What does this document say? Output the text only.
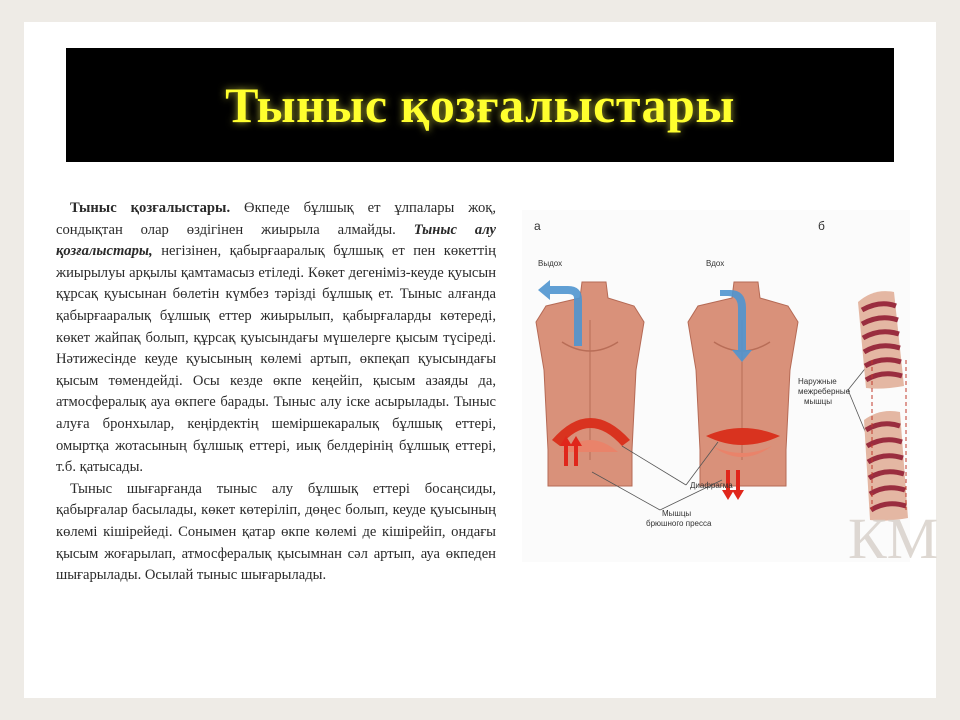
Тыныс қозғалыстары

Тыныс қозғалыстары. Өкпеде бұлшық ет ұлпалары жоқ, сондықтан олар өздігінен жиырыла алмайды. Тыныс алу қозғалыстары, негізінен, қабырғааралық бұлшық ет пен көкеттің жиырылуы арқылы қамтамасыз етіледі. Көкет дегеніміз-кеуде қуысын құрсақ қуысынан бөлетін күмбез тәрізді бұлшық ет. Тыныс алғанда қабырғааралық бұлшық еттер жиырылып, қабырғаларды көтереді, көкет жайпақ болып, құрсақ қуысындағы мүшелерге қысым түсіреді. Нәтижесінде кеуде қуысының көлемі артып, өкпеқап қуысындағы қысым төмендейді. Осы кезде өкпе кеңейіп, қысым азаяды да, атмосфералық ауа өкпеге барады. Тыныс алу іске асырылады. Тыныс алуға бронхылар, кеңірдектің шеміршекаралық бұлшық еттері, омыртқа жотасының бұлшық еттері, иық белдерінің бұлшық еттері, т.б. қатысады.

Тыныс шығарғанда тыныс алу бұлшық еттері босаңсиды, қабырғалар басылады, көкет көтеріліп, дөңес болып, кеуде қуысының көлемі кішірейеді. Сонымен қатар өкпе көлемі де кішірейіп, ондағы қысым жоғарылап, атмосфералық қысымнан сәл артып, ауа өкпеден шығарылады. Осылай тыныс шығарылады.

а	б
Выдох	Вдох
Диафрагма
Мышцы
брюшного пресса
Наружные
межреберные
мышцы
КМ
